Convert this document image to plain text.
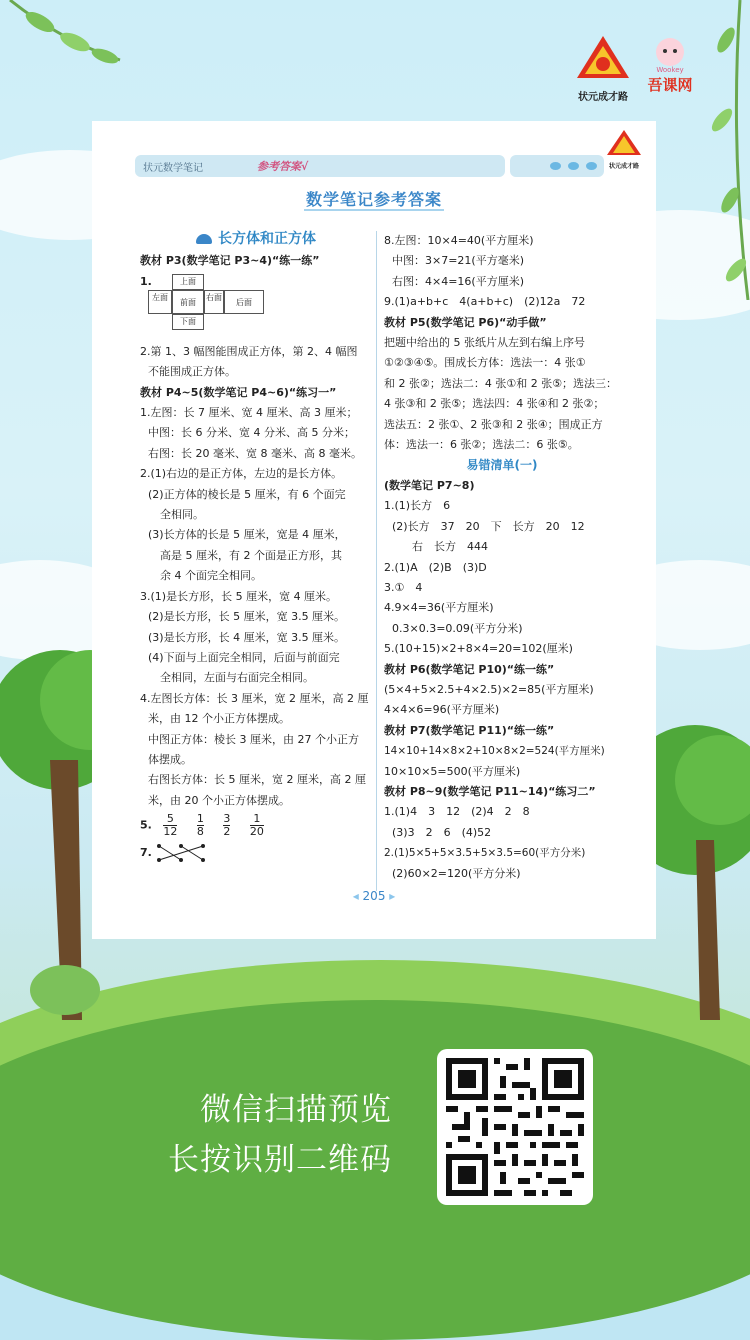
状元成才路
Wookey
吾课网
状元数学笔记	参考答案√	状元成才路
数学笔记参考答案

长方体和正方体

教材 P3(数学笔记 P3~4)“练一练”

1.	上面
左面
前面
右面
后面
下面

2.第 1、3 幅图能围成正方体，第 2、4 幅图

不能围成正方体。

教材 P4~5(数学笔记 P4~6)“练习一”

1.左图：长 7 厘米、宽 4 厘米、高 3 厘米；

中图：长 6 分米、宽 4 分米、高 5 分米；

右图：长 20 毫米、宽 8 毫米、高 8 毫米。

2.(1)右边的是正方体，左边的是长方体。

(2)正方体的棱长是 5 厘米，有 6 个面完

全相同。

(3)长方体的长是 5 厘米，宽是 4 厘米，

高是 5 厘米，有 2 个面是正方形，其

余 4 个面完全相同。

3.(1)是长方形，长 5 厘米，宽 4 厘米。

(2)是长方形，长 5 厘米，宽 3.5 厘米。

(3)是长方形，长 4 厘米，宽 3.5 厘米。

(4)下面与上面完全相同，后面与前面完

全相同，左面与右面完全相同。

4.左图长方体：长 3 厘米，宽 2 厘米，高 2 厘

米，由 12 个小正方体摆成。

中图正方体：棱长 3 厘米，由 27 个小正方

体摆成。

右图长方体：长 5 厘米，宽 2 厘米，高 2 厘

米，由 20 个小正方体摆成。

5. $\frac{5}{12}$
$\frac{1}{8}$
$\frac{3}{2}$
$\frac{1}{20}$
7.

8.左图：10×4=40(平方厘米)

中图：3×7=21(平方毫米)

右图：4×4=16(平方厘米)

9.(1)a+b+c　4(a+b+c)　(2)12a　72

教材 P5(数学笔记 P6)“动手做”

把题中给出的 5 张纸片从左到右编上序号

①②③④⑤。围成长方体：选法一：4 张①

和 2 张②；选法二：4 张①和 2 张⑤；选法三：

4 张③和 2 张⑤；选法四：4 张④和 2 张②；

选法五：2 张①、2 张③和 2 张④；围成正方

体：选法一：6 张②；选法二：6 张⑤。

易错清单(一)

(数学笔记 P7~8)

1.(1)长方　6

(2)长方　37　20　下　长方　20　12

右　长方　444

2.(1)A　(2)B　(3)D

3.①　4

4.9×4=36(平方厘米)

0.3×0.3=0.09(平方分米)

5.(10+15)×2+8×4=20=102(厘米)

教材 P6(数学笔记 P10)“练一练”

(5×4+5×2.5+4×2.5)×2=85(平方厘米)

4×4×6=96(平方厘米)

教材 P7(数学笔记 P11)“练一练”

14×10+14×8×2+10×8×2=524(平方厘米)

10×10×5=500(平方厘米)

教材 P8~9(数学笔记 P11~14)“练习二”

1.(1)4　3　12　(2)4　2　8

(3)3　2　6　(4)52

2.(1)5×5+5×3.5+5×3.5=60(平方分米)

(2)60×2=120(平方分米)

◂ 205 ▸
微信扫描预览
长按识别二维码
